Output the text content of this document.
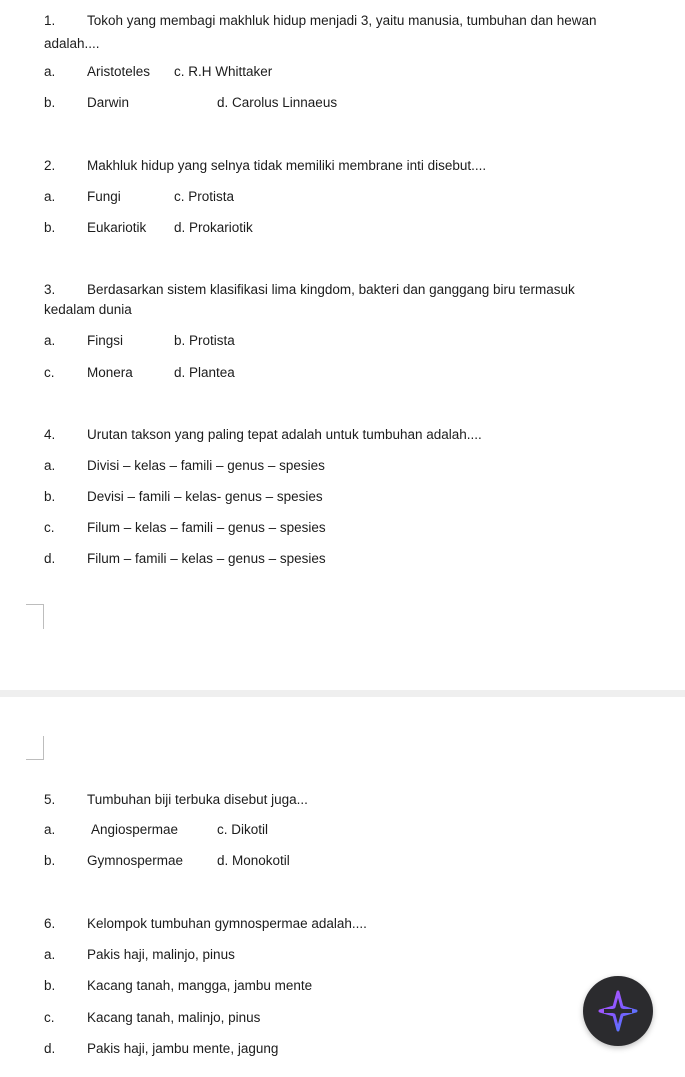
1. Tokoh yang membagi makhluk hidup menjadi 3, yaitu manusia, tumbuhan dan hewan
adalah....
a. Aristoteles c. R.H Whittaker
b. Darwin	d. Carolus Linnaeus
2. Makhluk hidup yang selnya tidak memiliki membrane inti disebut....
a. Fungi	c. Protista
b. Eukariotik d. Prokariotik
3. Berdasarkan sistem klasifikasi lima kingdom, bakteri dan ganggang biru termasuk
kedalam dunia
a. Fingsi	b. Protista
c. Monera	d. Plantea
4. Urutan takson yang paling tepat adalah untuk tumbuhan adalah....
a. Divisi – kelas – famili – genus – spesies
b. Devisi – famili – kelas- genus – spesies
c. Filum – kelas – famili – genus – spesies
d. Filum – famili – kelas – genus – spesies
5. Tumbuhan biji terbuka disebut juga...
a.	Angiospermae	c. Dikotil
b. Gymnospermae	d. Monokotil
6. Kelompok tumbuhan gymnospermae adalah....
a. Pakis haji, malinjo, pinus
b. Kacang tanah, mangga, jambu mente
c. Kacang tanah, malinjo, pinus
d. Pakis haji, jambu mente, jagung
